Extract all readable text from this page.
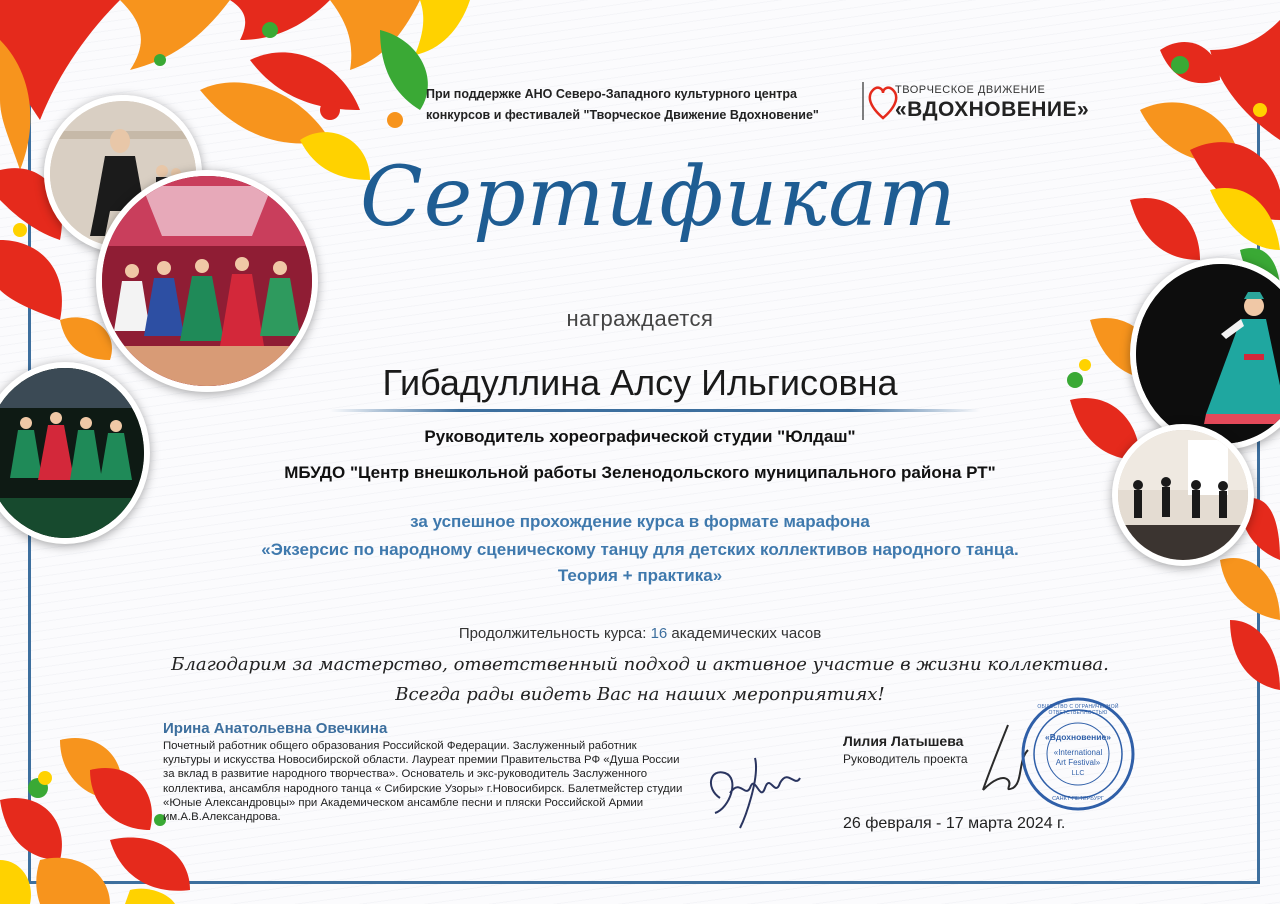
При поддержке АНО Северо-Западного культурного центра конкурсов и фестивалей "Творческое Движение Вдохновение"
ТВОРЧЕСКОЕ ДВИЖЕНИЕ
«ВДОХНОВЕНИЕ»
Сертификат
награждается
Гибадуллина Алсу Ильгисовна
Руководитель хореографической студии "Юлдаш"
МБУДО "Центр внешкольной работы Зеленодольского муниципального района РТ"
за успешное прохождение курса в формате марафона
«Экзерсис по народному сценическому танцу для детских коллективов народного танца.
Теория + практика»
Продолжительность курса: 16 академических часов
Благодарим за мастерство, ответственный подход и активное участие в жизни коллектива.
Всегда рады видеть Вас на наших мероприятиях!
Ирина Анатольевна Овечкина
Почетный работник общего образования Российской Федерации. Заслуженный работник культуры и искусства Новосибирской области. Лауреат премии Правительства РФ «Душа России за вклад в развитие народного творчества». Основатель и экс-руководитель Заслуженного коллектива, ансамбля народного танца « Сибирские Узоры» г.Новосибирск. Балетмейстер студии «Юные Александровцы» при Академическом ансамбле песни и пляски Российской Армии им.А.В.Александрова.
Лилия Латышева
Руководитель проекта
«Вдохновение»
«International
Art Festival»
LLC
САНКТ-ПЕТЕРБУРГ
ОБЩЕСТВО С ОГРАНИЧЕННОЙ ОТВЕТСТВЕННОСТЬЮ
26 февраля - 17 марта 2024 г.
